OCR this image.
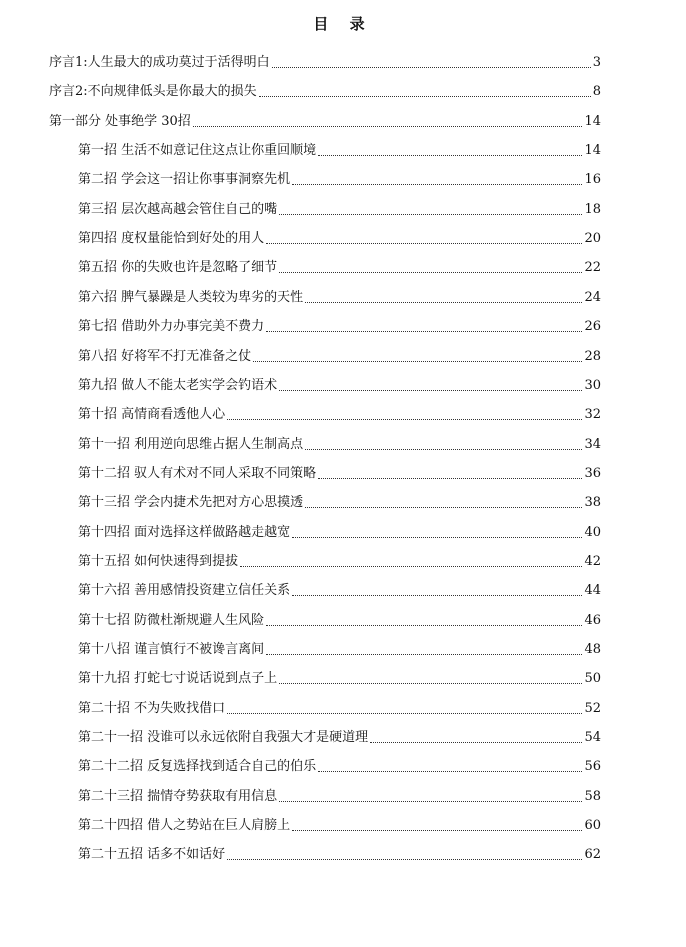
目 录
序言1:人生最大的成功莫过于活得明白	3
序言2:不向规律低头是你最大的损失	8
第一部分 处事绝学 30招	14
第一招 生活不如意记住这点让你重回顺境	14
第二招 学会这一招让你事事洞察先机	16
第三招 层次越高越会管住自己的嘴	18
第四招 度权量能恰到好处的用人	20
第五招 你的失败也许是忽略了细节	22
第六招 脾气暴躁是人类较为卑劣的天性	24
第七招 借助外力办事完美不费力	26
第八招 好将军不打无准备之仗	28
第九招 做人不能太老实学会钓语术	30
第十招 高情商看透他人心	32
第十一招 利用逆向思维占据人生制高点	34
第十二招 驭人有术对不同人采取不同策略	36
第十三招 学会内捷术先把对方心思摸透	38
第十四招 面对选择这样做路越走越宽	40
第十五招 如何快速得到提拔	42
第十六招 善用感情投资建立信任关系	44
第十七招 防微杜渐规避人生风险	46
第十八招 谨言慎行不被谗言离间	48
第十九招 打蛇七寸说话说到点子上	50
第二十招 不为失败找借口	52
第二十一招 没谁可以永远依附自我强大才是硬道理	54
第二十二招 反复选择找到适合自己的伯乐	56
第二十三招 揣情夺势获取有用信息	58
第二十四招 借人之势站在巨人肩膀上	60
第二十五招 话多不如话好	62
